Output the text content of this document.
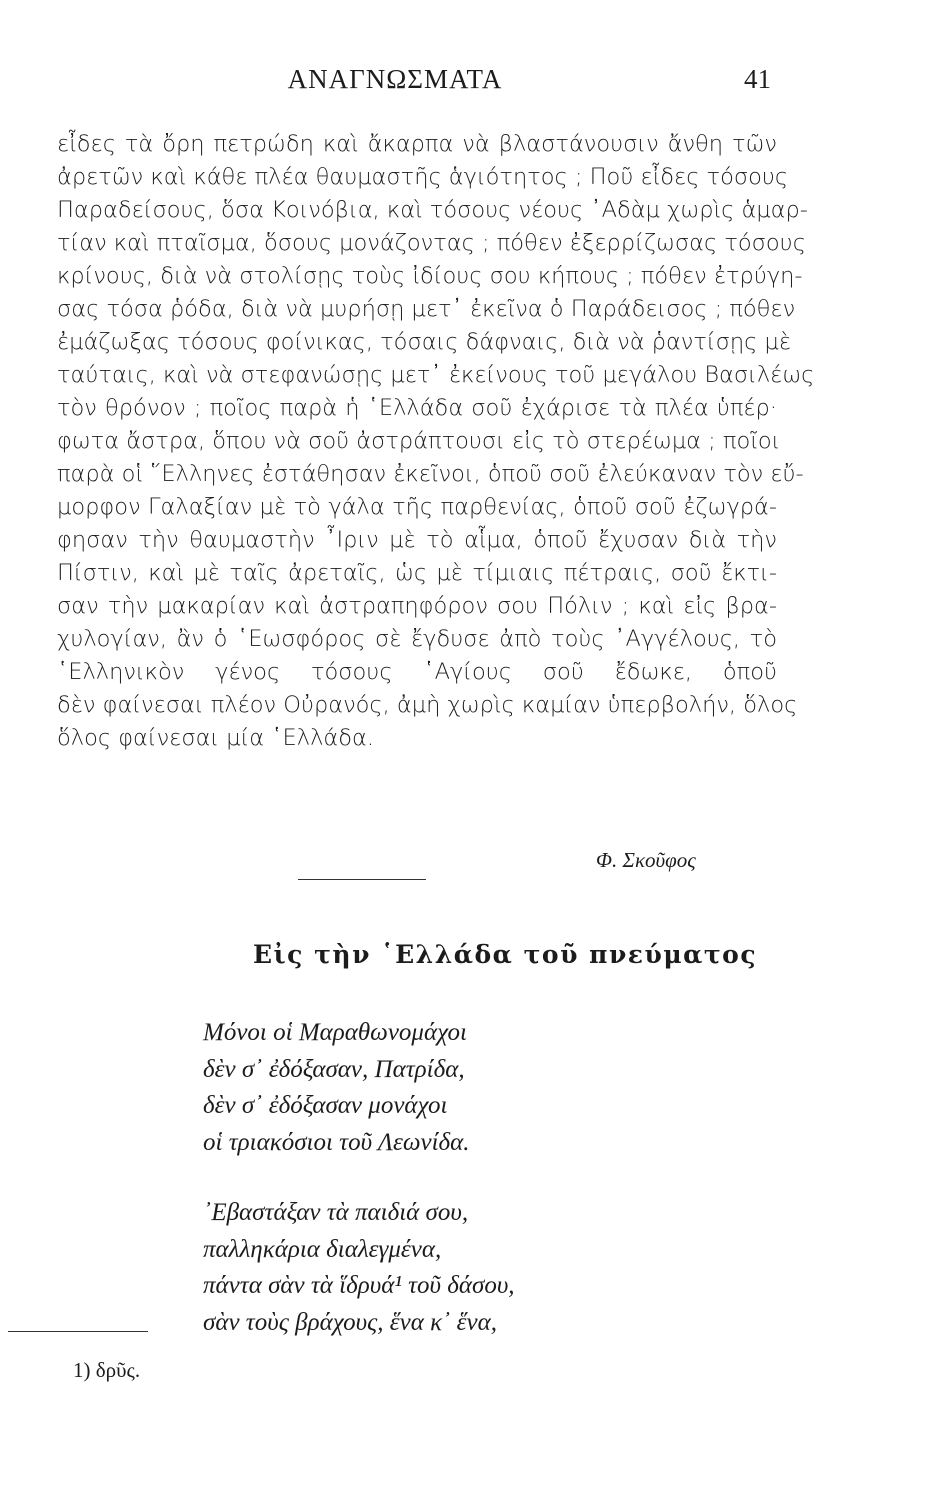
ΑΝΑΓΝΩΣΜΑΤΑ	41
εἶδες τὰ ὄρη πετρώδη καὶ ἄκαρπα νὰ βλαστάνουσιν ἄνθη τῶν
ἀρετῶν καὶ κάθε πλέα θαυμαστῆς ἁγιότητος ; Ποῦ εἶδες τόσους
Παραδείσους, ὅσα Κοινόβια, καὶ τόσους νέους ᾿Αδὰμ χωρὶς ἁμαρ-
τίαν καὶ πταῖσμα, ὅσους μονάζοντας ; πόθεν ἐξερρίζωσας τόσους
κρίνους, διὰ νὰ στολίσῃς τοὺς ἰδίους σου κήπους ; πόθεν ἐτρύγη-
σας τόσα ῥόδα, διὰ νὰ μυρήσῃ μετ᾿ ἐκεῖνα ὁ Παράδεισος ; πόθεν
ἐμάζωξας τόσους φοίνικας, τόσαις δάφναις, διὰ νὰ ῥαντίσῃς μὲ
ταύταις, καὶ νὰ στεφανώσῃς μετ᾿ ἐκείνους τοῦ μεγάλου Βασιλέως
τὸν θρόνον ; ποῖος παρὰ ἡ ῾Ελλάδα σοῦ ἐχάρισε τὰ πλέα ὑπέρ·
φωτα ἄστρα, ὅπου νὰ σοῦ ἀστράπτουσι εἰς τὸ στερέωμα ; ποῖοι
παρὰ οἱ ῞Ελληνες ἐστάθησαν ἐκεῖνοι, ὁποῦ σοῦ ἐλεύκαναν τὸν εὔ-
μορφον Γαλαξίαν μὲ τὸ γάλα τῆς παρθενίας, ὁποῦ σοῦ ἐζωγρά-
φησαν τὴν θαυμαστὴν ῏Ιριν μὲ τὸ αἷμα, ὁποῦ ἔχυσαν διὰ τὴν
Πίστιν, καὶ μὲ ταῖς ἀρεταῖς, ὡς μὲ τίμιαις πέτραις, σοῦ ἔκτι-
σαν τὴν μακαρίαν καὶ ἀστραπηφόρον σου Πόλιν ; καὶ εἰς βρα-
χυλογίαν, ἂν ὁ ῾Εωσφόρος σὲ ἔγδυσε ἀπὸ τοὺς ᾿Αγγέλους, τὸ
῾Ελληνικὸν γένος τόσους ῾Αγίους σοῦ ἔδωκε, ὁποῦ
δὲν φαίνεσαι πλέον Οὐρανός, ἀμὴ χωρὶς καμίαν ὑπερβολήν, ὅλος
ὅλος φαίνεσαι μία ῾Ελλάδα.
Φ. Σκοῦφος
Εἰς τὴν ῾Ελλάδα τοῦ πνεύματος
Μόνοι οἱ Μαραθωνομάχοι
δὲν σ᾿ ἐδόξασαν, Πατρίδα,
δὲν σ᾿ ἐδόξασαν μονάχοι
οἱ τριακόσιοι τοῦ Λεωνίδα.
᾿Εβαστάξαν τὰ παιδιά σου,
παλληκάρια διαλεγμένα,
πάντα σὰν τὰ ἵδρυά¹ τοῦ δάσου,
σὰν τοὺς βράχους, ἕνα κ᾿ ἕνα,
1) δρῦς.
